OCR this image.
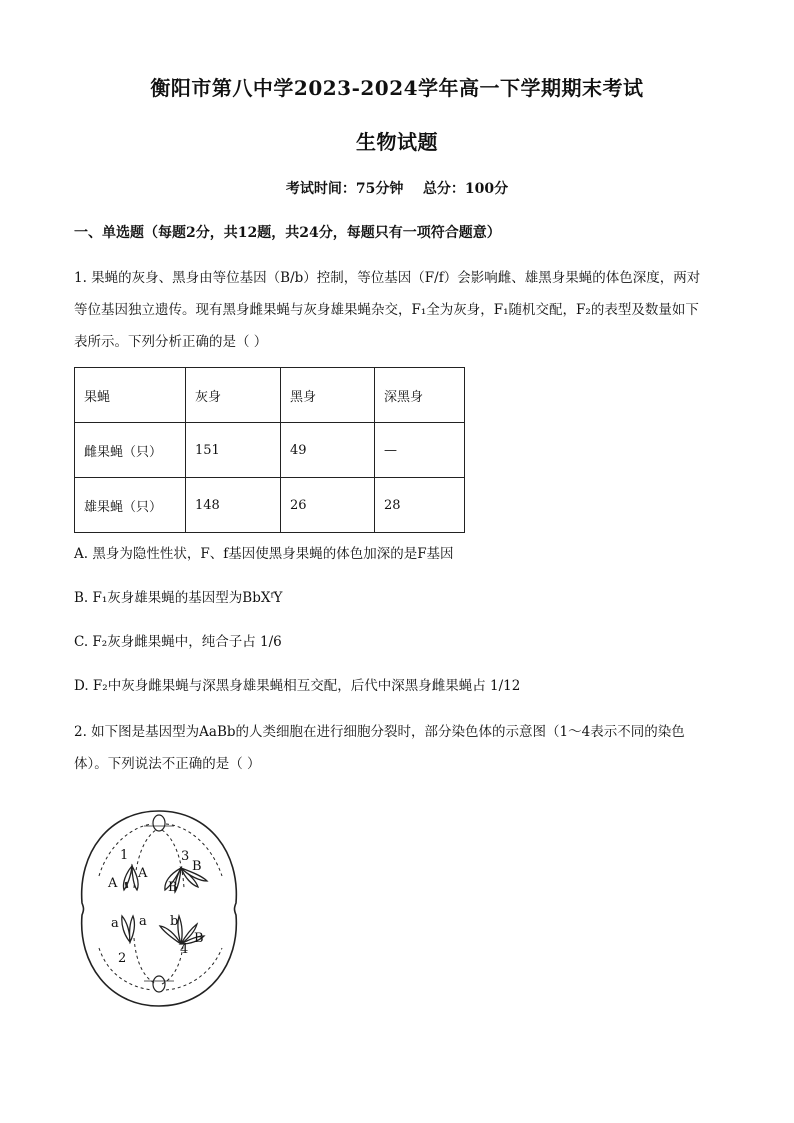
衡阳市第八中学2023-2024学年高一下学期期末考试
生物试题
考试时间：75分钟    总分：100分
一、单选题（每题2分，共12题，共24分，每题只有一项符合题意）
1. 果蝇的灰身、黑身由等位基因（B/b）控制，等位基因（F/f）会影响雌、雄黑身果蝇的体色深度，两对
等位基因独立遗传。现有黑身雌果蝇与灰身雄果蝇杂交，F₁全为灰身，F₁随机交配，F₂的表型及数量如下
表所示。下列分析正确的是（ ）
果蝇	灰身	黑身	深黑身
雌果蝇（只）	151	49	—
雄果蝇（只）	148	26	28
A. 黑身为隐性性状，F、f基因使黑身果蝇的体色加深的是F基因
B. F₁灰身雄果蝇的基因型为BbXᶠY
C. F₂灰身雌果蝇中，纯合子占 1/6
D. F₂中灰身雌果蝇与深黑身雄果蝇相互交配，后代中深黑身雌果蝇占 1/12
2. 如下图是基因型为AaBb的人类细胞在进行细胞分裂时，部分染色体的示意图（1～4表示不同的染色
体）。下列说法不正确的是（ ）
1	3
2
4
A
A	B
B
a a b
B
